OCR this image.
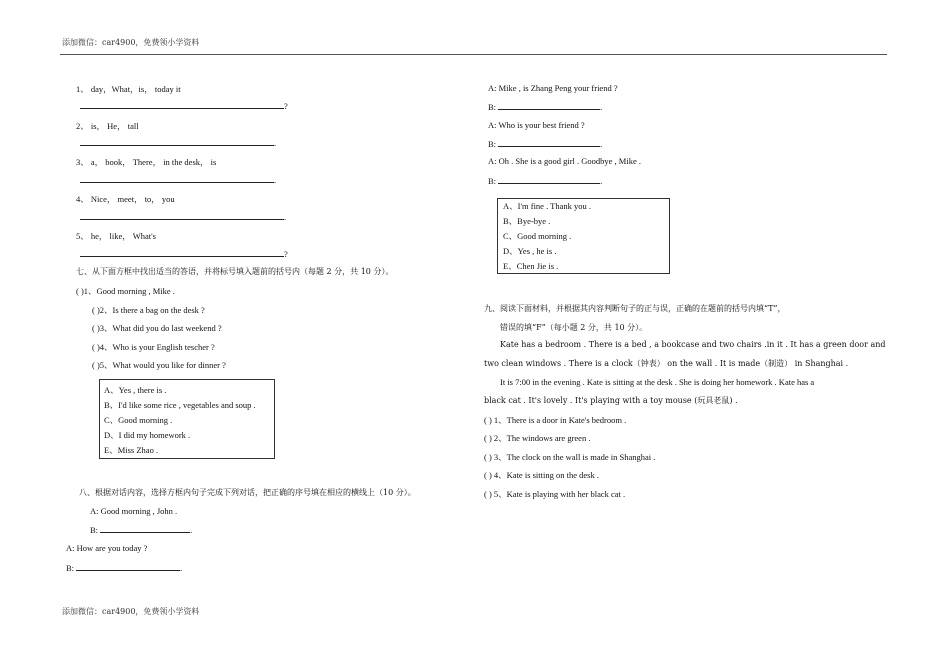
添加微信：car4900，免费领小学资料
1、 day，What，is， today it
?
2、 is， He， tall
.
3、 a， book， There， in the desk， is
.
4、 Nice， meet， to， you
.
5、 he， like， What's
?
七、从下面方框中找出适当的答语，并将标号填入题前的括号内（每题 2 分，共 10 分）。
( )1、Good morning , Mike .
( )2、Is there a bag on the desk ?
( )3、What did you do last weekend ?
( )4、Who is your English tescher ?
( )5、What would you like for dinner ?
A、Yes , there is .
B、I'd like some rice , vegetables and soup .
C、Good morning .
D、I did my homework .
E、Miss Zhao .
八、根据对话内容，选择方框内句子完成下列对话，把正确的序号填在相应的横线上（10 分）。
A: Good morning , John .
B:	.
A: How are you today ?
B:	.
A: Mike , is Zhang Peng your friend ?
B:	.
A: Who is your best friend ?
B:	.
A: Oh . She is a good girl . Goodbye , Mike .
B:	.
A、I'm fine . Thank you .
B、Bye-bye .
C、Good morning .
D、Yes , he is .
E、Chen Jie is .
九、阅读下面材料，并根据其内容判断句子的正与误，正确的在题前的括号内填“T”，
错误的填“F”（每小题 2 分，共 10 分）。
Kate has a bedroom . There is a bed , a bookcase and two chairs .in it . It has a green door and
two clean windows . There is a clock（钟表） on the wall . It is made（制造） in Shanghai .
It is 7:00 in the evening . Kate is sitting at the desk . She is doing her homework . Kate has a
black cat . It's lovely . It's playing with a toy mouse (玩具老鼠) .
( ) 1、There is a door in Kate's bedroom .
( ) 2、The windows are green .
( ) 3、The clock on the wall is made in Shanghai .
( ) 4、Kate is sitting on the desk .
( ) 5、Kate is playing with her black cat .
添加微信：car4900，免费领小学资料
